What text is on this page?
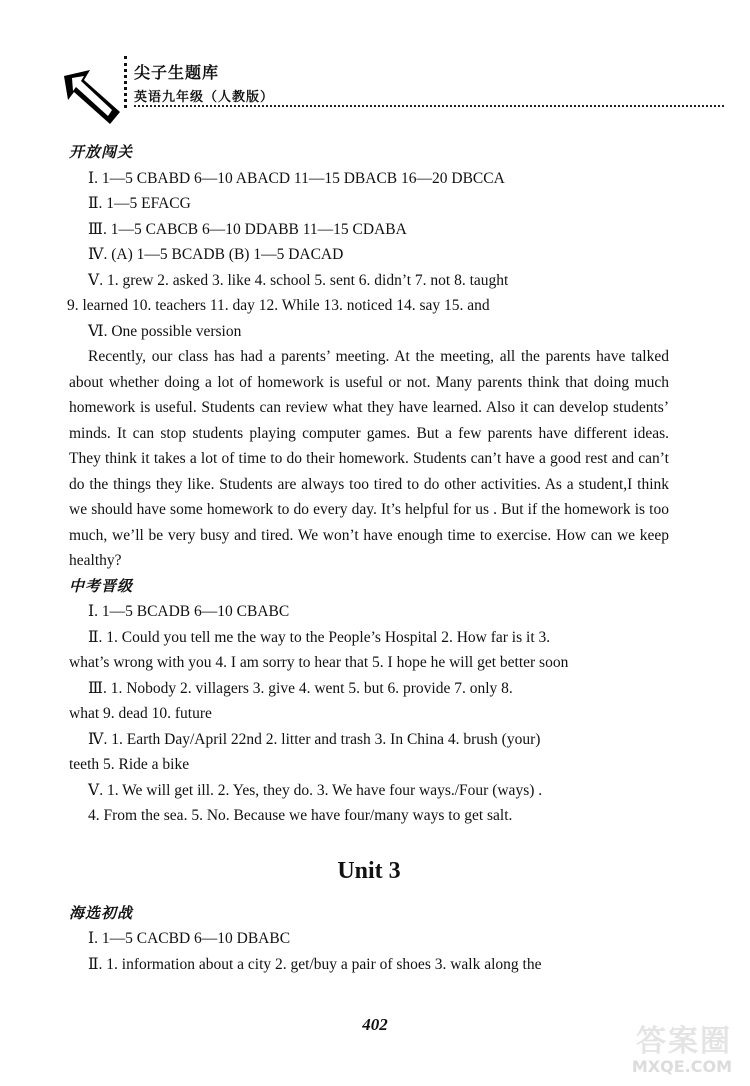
尖子生题库
英语九年级（人教版）
开放闯关
Ⅰ. 1—5 CBABD 6—10 ABACD 11—15 DBACB 16—20 DBCCA
Ⅱ. 1—5 EFACG
Ⅲ. 1—5 CABCB 6—10 DDABB 11—15 CDABA
Ⅳ. (A) 1—5 BCADB (B) 1—5 DACAD
Ⅴ. 1. grew 2. asked 3. like 4. school 5. sent 6. didn’t 7. not 8. taught
9. learned 10. teachers 11. day 12. While 13. noticed 14. say 15. and
Ⅵ. One possible version
Recently, our class has had a parents’ meeting. At the meeting, all the parents have talked about whether doing a lot of homework is useful or not. Many parents think that doing much homework is useful. Students can review what they have learned. Also it can develop students’ minds. It can stop students playing computer games. But a few parents have different ideas. They think it takes a lot of time to do their homework. Students can’t have a good rest and can’t do the things they like. Students are always too tired to do other activities. As a student,I think we should have some homework to do every day. It’s helpful for us . But if the homework is too much, we’ll be very busy and tired. We won’t have enough time to exercise. How can we keep healthy?
中考晋级
Ⅰ. 1—5 BCADB 6—10 CBABC
Ⅱ. 1. Could you tell me the way to the People’s Hospital 2. How far is it 3.
what’s wrong with you 4. I am sorry to hear that 5. I hope he will get better soon
Ⅲ. 1. Nobody 2. villagers 3. give 4. went 5. but 6. provide 7. only 8.
what 9. dead 10. future
Ⅳ. 1. Earth Day/April 22nd 2. litter and trash 3. In China 4. brush (your)
teeth 5. Ride a bike
Ⅴ. 1. We will get ill. 2. Yes, they do. 3. We have four ways./Four (ways) .
4. From the sea. 5. No. Because we have four/many ways to get salt.
Unit 3
海选初战
Ⅰ. 1—5 CACBD 6—10 DBABC
Ⅱ. 1. information about a city 2. get/buy a pair of shoes 3. walk along the
402	答案圈
MXQE.COM
